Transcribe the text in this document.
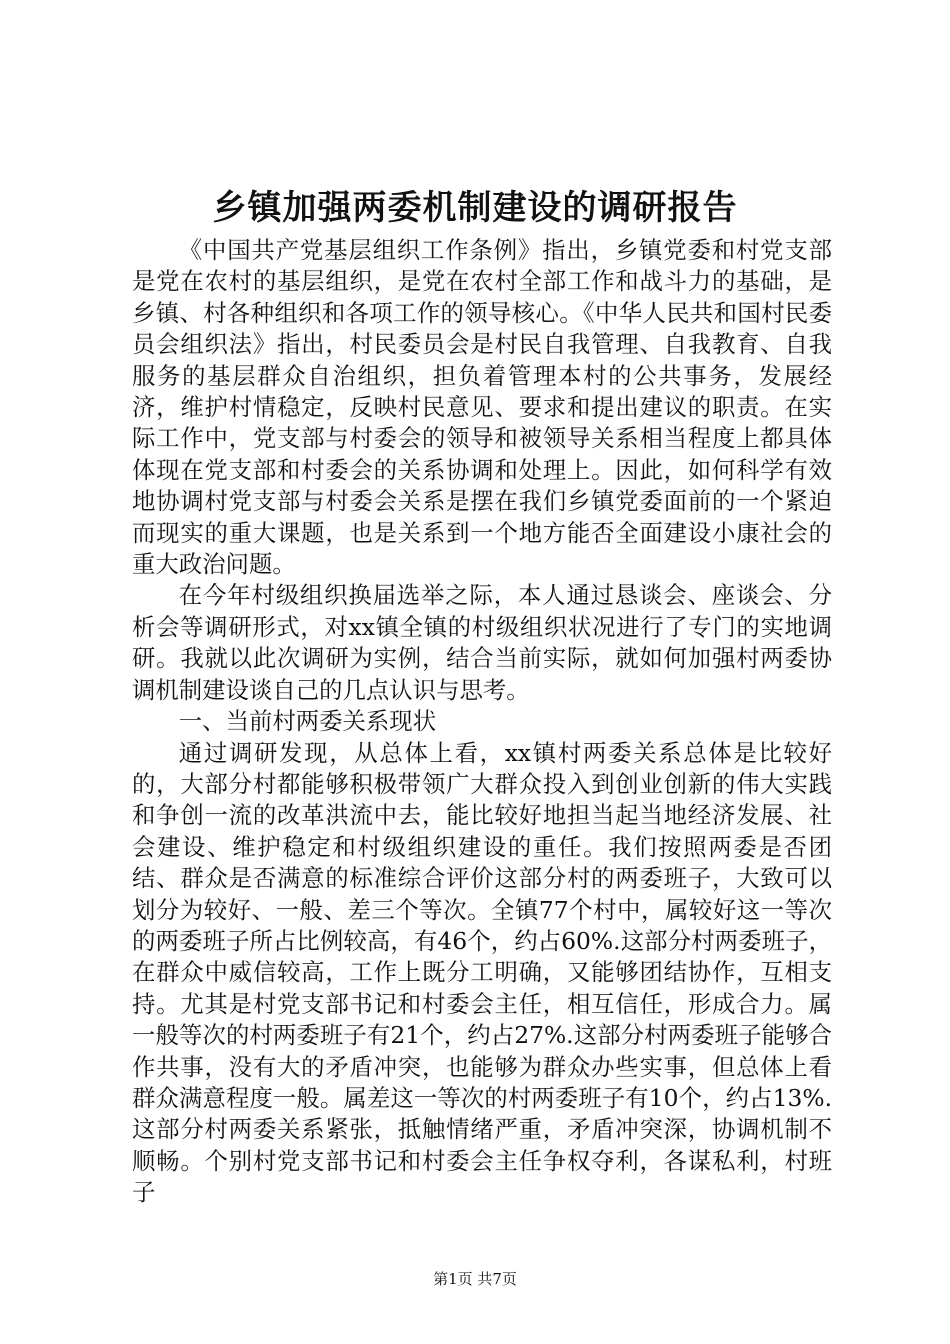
乡镇加强两委机制建设的调研报告

《中国共产党基层组织工作条例》指出，乡镇党委和村党支部是党在农村的基层组织，是党在农村全部工作和战斗力的基础，是乡镇、村各种组织和各项工作的领导核心。《中华人民共和国村民委员会组织法》指出，村民委员会是村民自我管理、自我教育、自我服务的基层群众自治组织，担负着管理本村的公共事务，发展经济，维护村情稳定，反映村民意见、要求和提出建议的职责。在实际工作中，党支部与村委会的领导和被领导关系相当程度上都具体体现在党支部和村委会的关系协调和处理上。因此，如何科学有效地协调村党支部与村委会关系是摆在我们乡镇党委面前的一个紧迫而现实的重大课题，也是关系到一个地方能否全面建设小康社会的重大政治问题。

在今年村级组织换届选举之际，本人通过恳谈会、座谈会、分析会等调研形式，对xx镇全镇的村级组织状况进行了专门的实地调研。我就以此次调研为实例，结合当前实际，就如何加强村两委协调机制建设谈自己的几点认识与思考。

一、当前村两委关系现状

通过调研发现，从总体上看，xx镇村两委关系总体是比较好的，大部分村都能够积极带领广大群众投入到创业创新的伟大实践和争创一流的改革洪流中去，能比较好地担当起当地经济发展、社会建设、维护稳定和村级组织建设的重任。我们按照两委是否团结、群众是否满意的标准综合评价这部分村的两委班子，大致可以划分为较好、一般、差三个等次。全镇77个村中，属较好这一等次的两委班子所占比例较高，有46个，约占60%.这部分村两委班子，在群众中威信较高，工作上既分工明确，又能够团结协作，互相支持。尤其是村党支部书记和村委会主任，相互信任，形成合力。属一般等次的村两委班子有21个，约占27%.这部分村两委班子能够合作共事，没有大的矛盾冲突，也能够为群众办些实事，但总体上看群众满意程度一般。属差这一等次的村两委班子有10个，约占13%.这部分村两委关系紧张，抵触情绪严重，矛盾冲突深，协调机制不顺畅。个别村党支部书记和村委会主任争权夺利，各谋私利，村班子

第1页 共7页
